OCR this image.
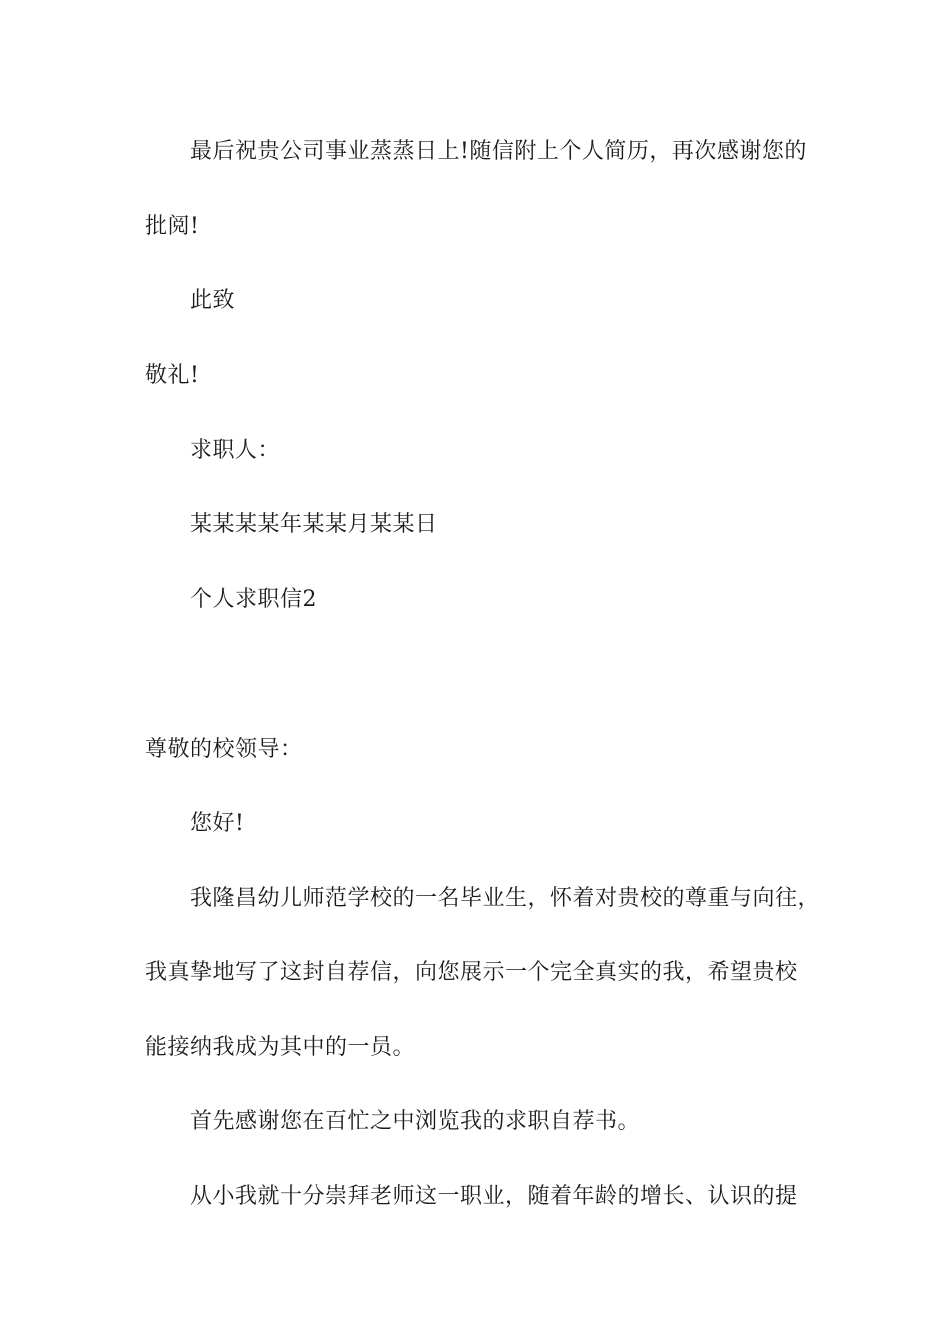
最后祝贵公司事业蒸蒸日上!随信附上个人简历，再次感谢您的
批阅!
此致
敬礼!
求职人：
某某某某年某某月某某日
个人求职信2
尊敬的校领导：
您好!
我隆昌幼儿师范学校的一名毕业生，怀着对贵校的尊重与向往，
我真挚地写了这封自荐信，向您展示一个完全真实的我，希望贵校
能接纳我成为其中的一员。
首先感谢您在百忙之中浏览我的求职自荐书。
从小我就十分崇拜老师这一职业，随着年龄的增长、认识的提
